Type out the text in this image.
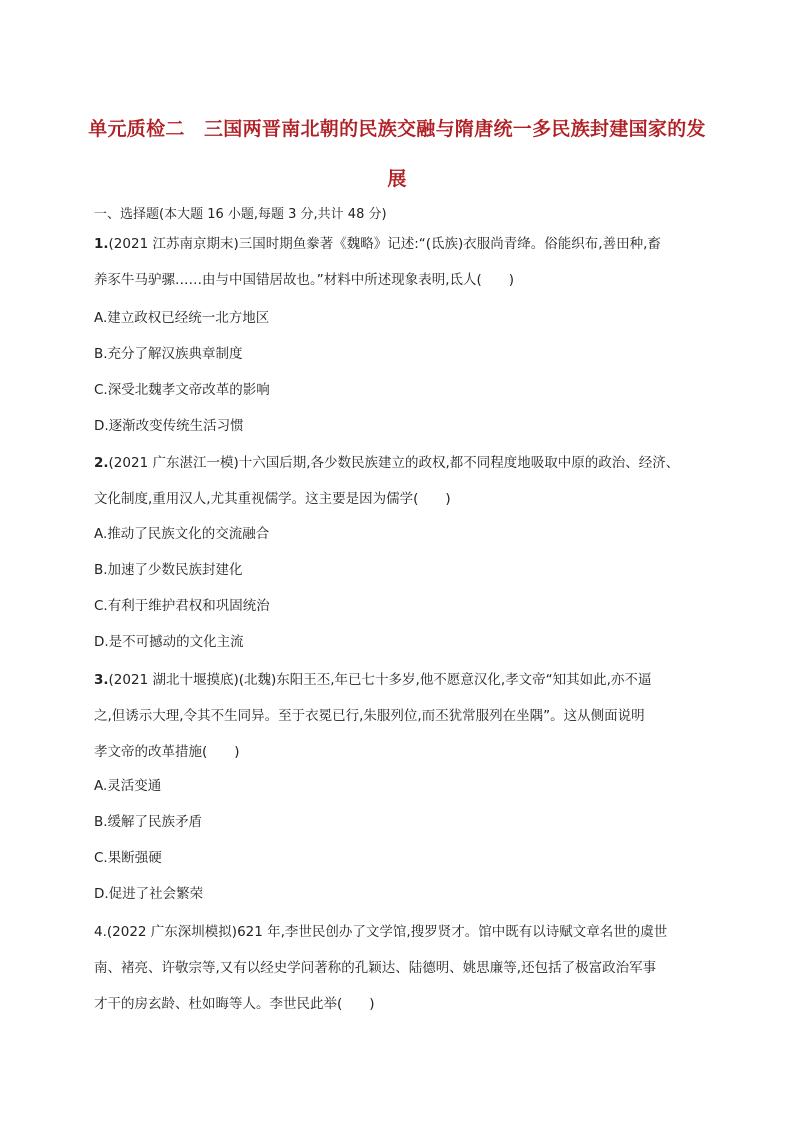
单元质检二　三国两晋南北朝的民族交融与隋唐统一多民族封建国家的发
展
一、选择题(本大题 16 小题,每题 3 分,共计 48 分)
1.(2021 江苏南京期末)三国时期鱼豢著《魏略》记述:“(氐族)衣服尚青绛。俗能织布,善田种,畜
养豕牛马驴骡……由与中国错居故也。”材料中所述现象表明,氐人(　　)
A.建立政权已经统一北方地区
B.充分了解汉族典章制度
C.深受北魏孝文帝改革的影响
D.逐渐改变传统生活习惯
2.(2021 广东湛江一模)十六国后期,各少数民族建立的政权,都不同程度地吸取中原的政治、经济、
文化制度,重用汉人,尤其重视儒学。这主要是因为儒学(　　)
A.推动了民族文化的交流融合
B.加速了少数民族封建化
C.有利于维护君权和巩固统治
D.是不可撼动的文化主流
3.(2021 湖北十堰摸底)(北魏)东阳王丕,年已七十多岁,他不愿意汉化,孝文帝“知其如此,亦不逼
之,但诱示大理,令其不生同异。至于衣冕已行,朱服列位,而丕犹常服列在坐隅”。这从侧面说明
孝文帝的改革措施(　　)
A.灵活变通
B.缓解了民族矛盾
C.果断强硬
D.促进了社会繁荣
4.(2022 广东深圳模拟)621 年,李世民创办了文学馆,搜罗贤才。馆中既有以诗赋文章名世的虞世
南、褚亮、许敬宗等,又有以经史学问著称的孔颖达、陆德明、姚思廉等,还包括了极富政治军事
才干的房玄龄、杜如晦等人。李世民此举(　　)
